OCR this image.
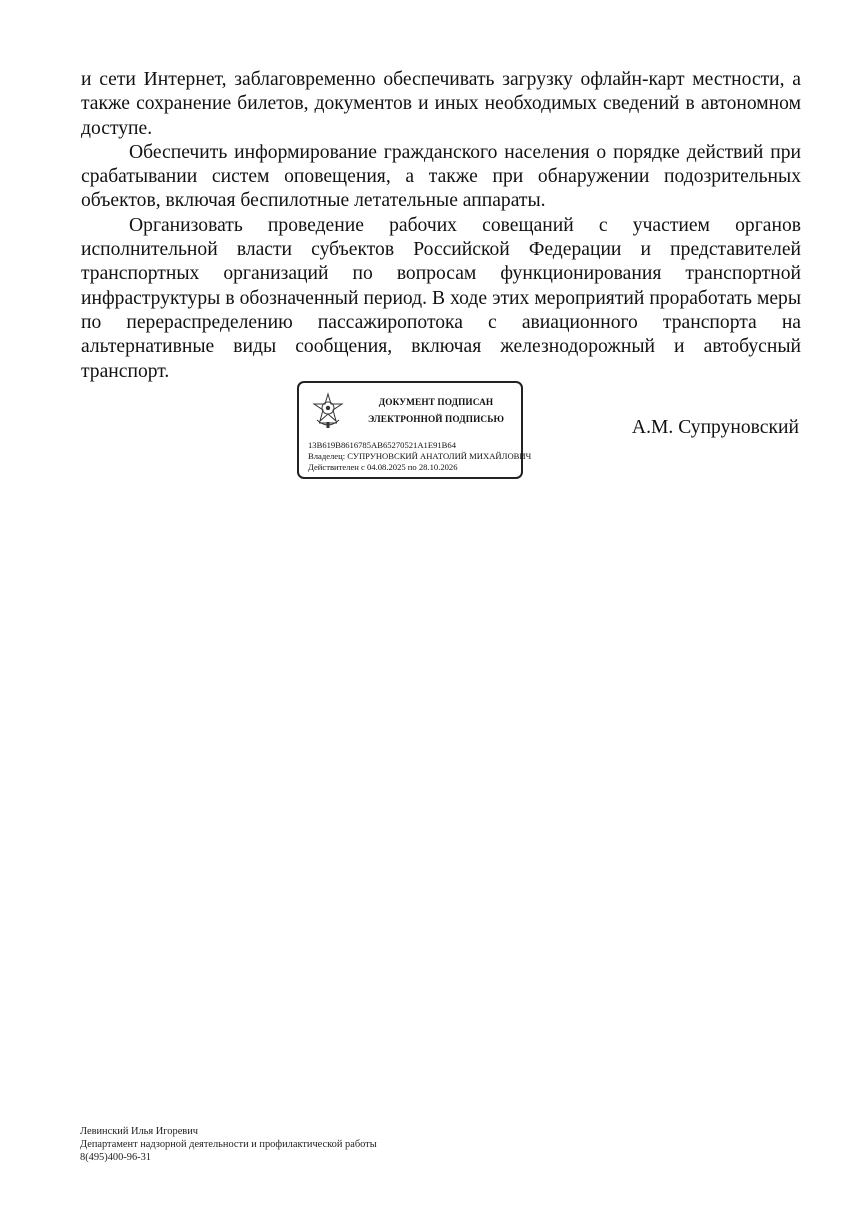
и сети Интернет, заблаговременно обеспечивать загрузку офлайн-карт местности, а также сохранение билетов, документов и иных необходимых сведений в автономном доступе.

Обеспечить информирование гражданского населения о порядке действий при срабатывании систем оповещения, а также при обнаружении подозрительных объектов, включая беспилотные летательные аппараты.

Организовать проведение рабочих совещаний с участием органов исполнительной власти субъектов Российской Федерации и представителей транспортных организаций по вопросам функционирования транспортной инфраструктуры в обозначенный период. В ходе этих мероприятий проработать меры по перераспределению пассажиропотока с авиационного транспорта на альтернативные виды сообщения, включая железнодорожный и автобусный транспорт.

ДОКУМЕНТ ПОДПИСАН
ЭЛЕКТРОННОЙ ПОДПИСЬЮ
13B619B8616785AB65270521A1E91B64
Владелец: СУПРУНОВСКИЙ АНАТОЛИЙ МИХАЙЛОВИЧ
Действителен с 04.08.2025 по 28.10.2026
А.М. Супруновский
Левинский Илья Игоревич
Департамент надзорной деятельности и профилактической работы
8(495)400-96-31
